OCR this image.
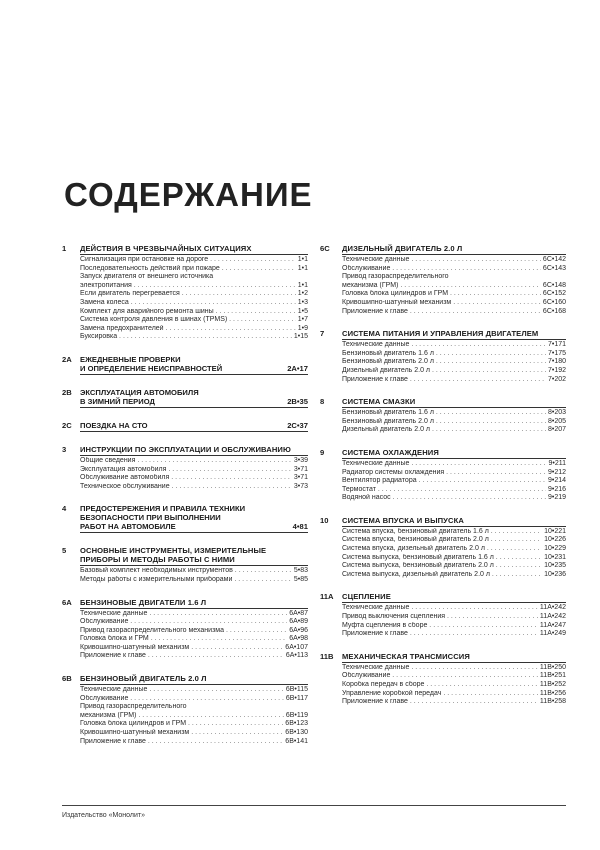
СОДЕРЖАНИЕ
1	ДЕЙСТВИЯ В ЧРЕЗВЫЧАЙНЫХ СИТУАЦИЯХ
Сигнализация при остановке на дороге . . .	1•1
Последовательность действий при пожаре . . .	1•1
Запуск двигателя от внешнего источника
электропитания . . .	1•1
Если двигатель перегревается . . .	1•2
Замена колеса . . .	1•3
Комплект для аварийного ремонта шины . . .	1•5
Система контроля давления в шинах (TPMS) . . .	1•7
Замена предохранителей . . .	1•9
Буксировка . . .	1•15
2A	ЕЖЕДНЕВНЫЕ ПРОВЕРКИ
И ОПРЕДЕЛЕНИЕ НЕИСПРАВНОСТЕЙ	2A•17
2B	ЭКСПЛУАТАЦИЯ АВТОМОБИЛЯ
В ЗИМНИЙ ПЕРИОД	2B•35
2C	ПОЕЗДКА НА СТО	2C•37
3	ИНСТРУКЦИИ ПО ЭКСПЛУАТАЦИИ И ОБСЛУЖИВАНИЮ
Общие сведения . . .	3•39
Эксплуатация автомобиля . . .	3•71
Обслуживание автомобиля . . .	3•71
Техническое обслуживание . . .	3•73
4	ПРЕДОСТЕРЕЖЕНИЯ И ПРАВИЛА ТЕХНИКИ
БЕЗОПАСНОСТИ ПРИ ВЫПОЛНЕНИИ
РАБОТ НА АВТОМОБИЛЕ	4•81
5	ОСНОВНЫЕ ИНСТРУМЕНТЫ, ИЗМЕРИТЕЛЬНЫЕ ПРИБОРЫ И МЕТОДЫ РАБОТЫ С НИМИ
Базовый комплект необходимых инструментов . . .	5•83
Методы работы с измерительными приборами . . .	5•85
6A	БЕНЗИНОВЫЕ ДВИГАТЕЛИ 1.6 Л
Технические данные . . .	6A•87
Обслуживание . . .	6A•89
Привод газораспределительного механизма . . .	6A•96
Головка блока и ГРМ . . .	6A•98
Кривошипно-шатунный механизм . . .	6A•107
Приложение к главе . . .	6A•113
6B	БЕНЗИНОВЫЙ ДВИГАТЕЛЬ 2.0 Л
Технические данные . . .	6B•115
Обслуживание . . .	6B•117
Привод газораспределительного
механизма (ГРМ) . . .	6B•119
Головка блока цилиндров и ГРМ . . .	6B•123
Кривошипно-шатунный механизм . . .	6B•130
Приложение к главе . . .	6B•141
6C	ДИЗЕЛЬНЫЙ ДВИГАТЕЛЬ 2.0 Л
Технические данные . . .	6C•142
Обслуживание . . .	6C•143
Привод газораспределительного
механизма (ГРМ) . . .	6C•148
Головка блока цилиндров и ГРМ . . .	6C•152
Кривошипно-шатунный механизм . . .	6C•160
Приложение к главе . . .	6C•168
7	СИСТЕМА ПИТАНИЯ И УПРАВЛЕНИЯ ДВИГАТЕЛЕМ
Технические данные . . .	7•171
Бензиновый двигатель 1.6 л . . .	7•175
Бензиновый двигатель 2.0 л . . .	7•180
Дизельный двигатель 2.0 л . . .	7•192
Приложение к главе . . .	7•202
8	СИСТЕМА СМАЗКИ
Бензиновый двигатель 1.6 л . . .	8•203
Бензиновый двигатель 2.0 л . . .	8•205
Дизельный двигатель 2.0 л . . .	8•207
9	СИСТЕМА ОХЛАЖДЕНИЯ
Технические данные . . .	9•211
Радиатор системы охлаждения . . .	9•212
Вентилятор радиатора . . .	9•214
Термостат . . .	9•216
Водяной насос . . .	9•219
10	СИСТЕМА ВПУСКА И ВЫПУСКА
Система впуска, бензиновый двигатель 1.6 л . . .	10•221
Система впуска, бензиновый двигатель 2.0 л . . .	10•226
Система впуска, дизельный двигатель 2.0 л . . .	10•229
Система выпуска, бензиновый двигатель 1.6 л . . .	10•231
Система выпуска, бензиновый двигатель 2.0 л . . .	10•235
Система выпуска, дизельный двигатель 2.0 л . . .	10•236
11A	СЦЕПЛЕНИЕ
Технические данные . . .	11A•242
Привод выключения сцепления . . .	11A•242
Муфта сцепления в сборе . . .	11A•247
Приложение к главе . . .	11A•249
11B	МЕХАНИЧЕСКАЯ ТРАНСМИССИЯ
Технические данные . . .	11B•250
Обслуживание . . .	11B•251
Коробка передач в сборе . . .	11B•252
Управление коробкой передач . . .	11B•256
Приложение к главе . . .	11B•258
Издательство «Монолит»
